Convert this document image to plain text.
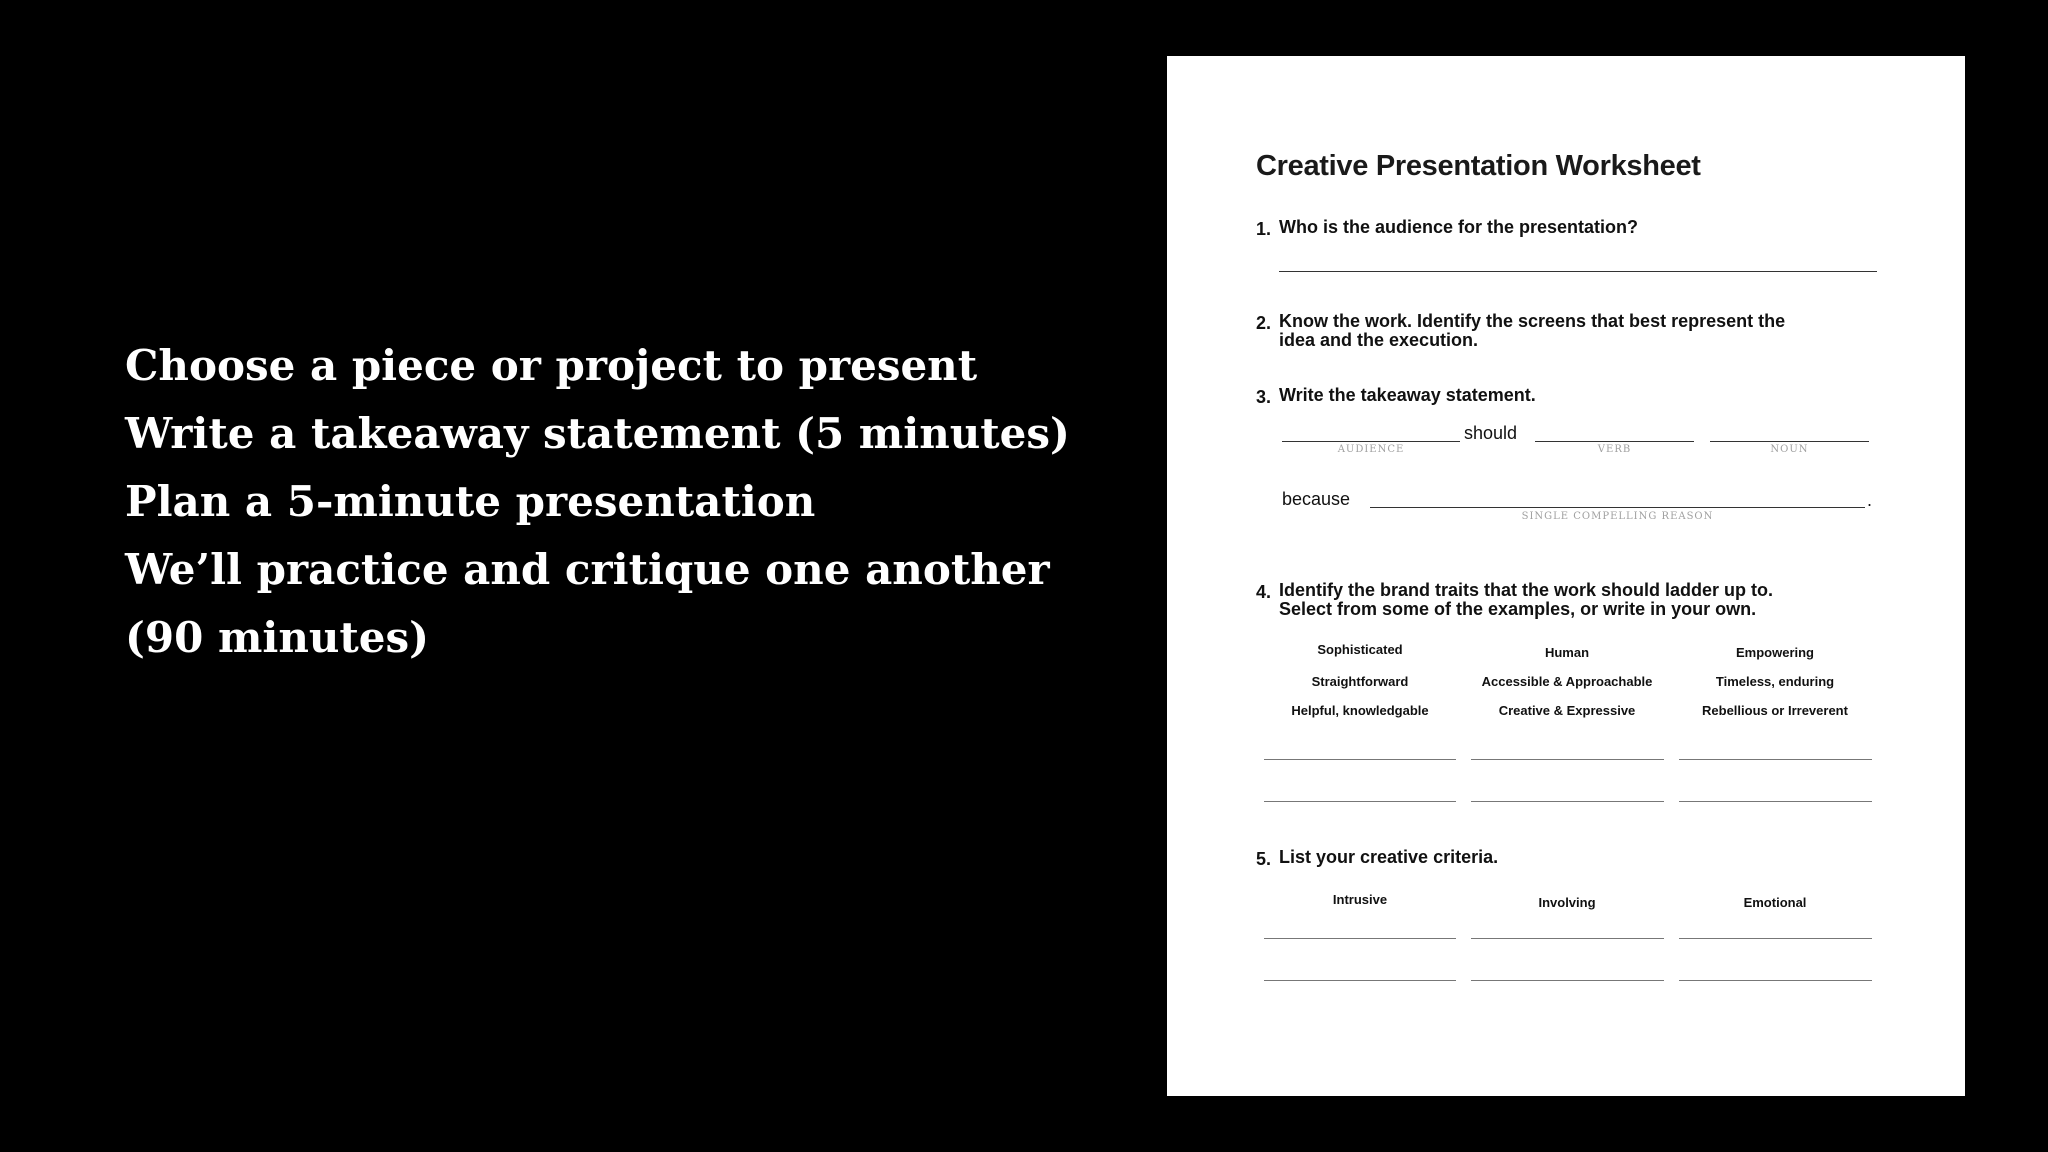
Choose a piece or project to present
Write a takeaway statement (5 minutes)
Plan a 5-minute presentation
We’ll practice and critique one another
(90 minutes)
Creative Presentation Worksheet
1. Who is the audience for the presentation?
2. Know the work. Identify the screens that best represent the
idea and the execution.
3. Write the takeaway statement.
should
AUDIENCE	VERB	NOUN
because	.
SINGLE COMPELLING REASON
4. Identify the brand traits that the work should ladder up to.
Select from some of the examples, or write in your own.
Sophisticated	Human	Empowering
Straightforward	Accessible & Approachable	Timeless, enduring
Helpful, knowledgable	Creative & Expressive	Rebellious or Irreverent
5. List your creative criteria.
Intrusive	Involving	Emotional
